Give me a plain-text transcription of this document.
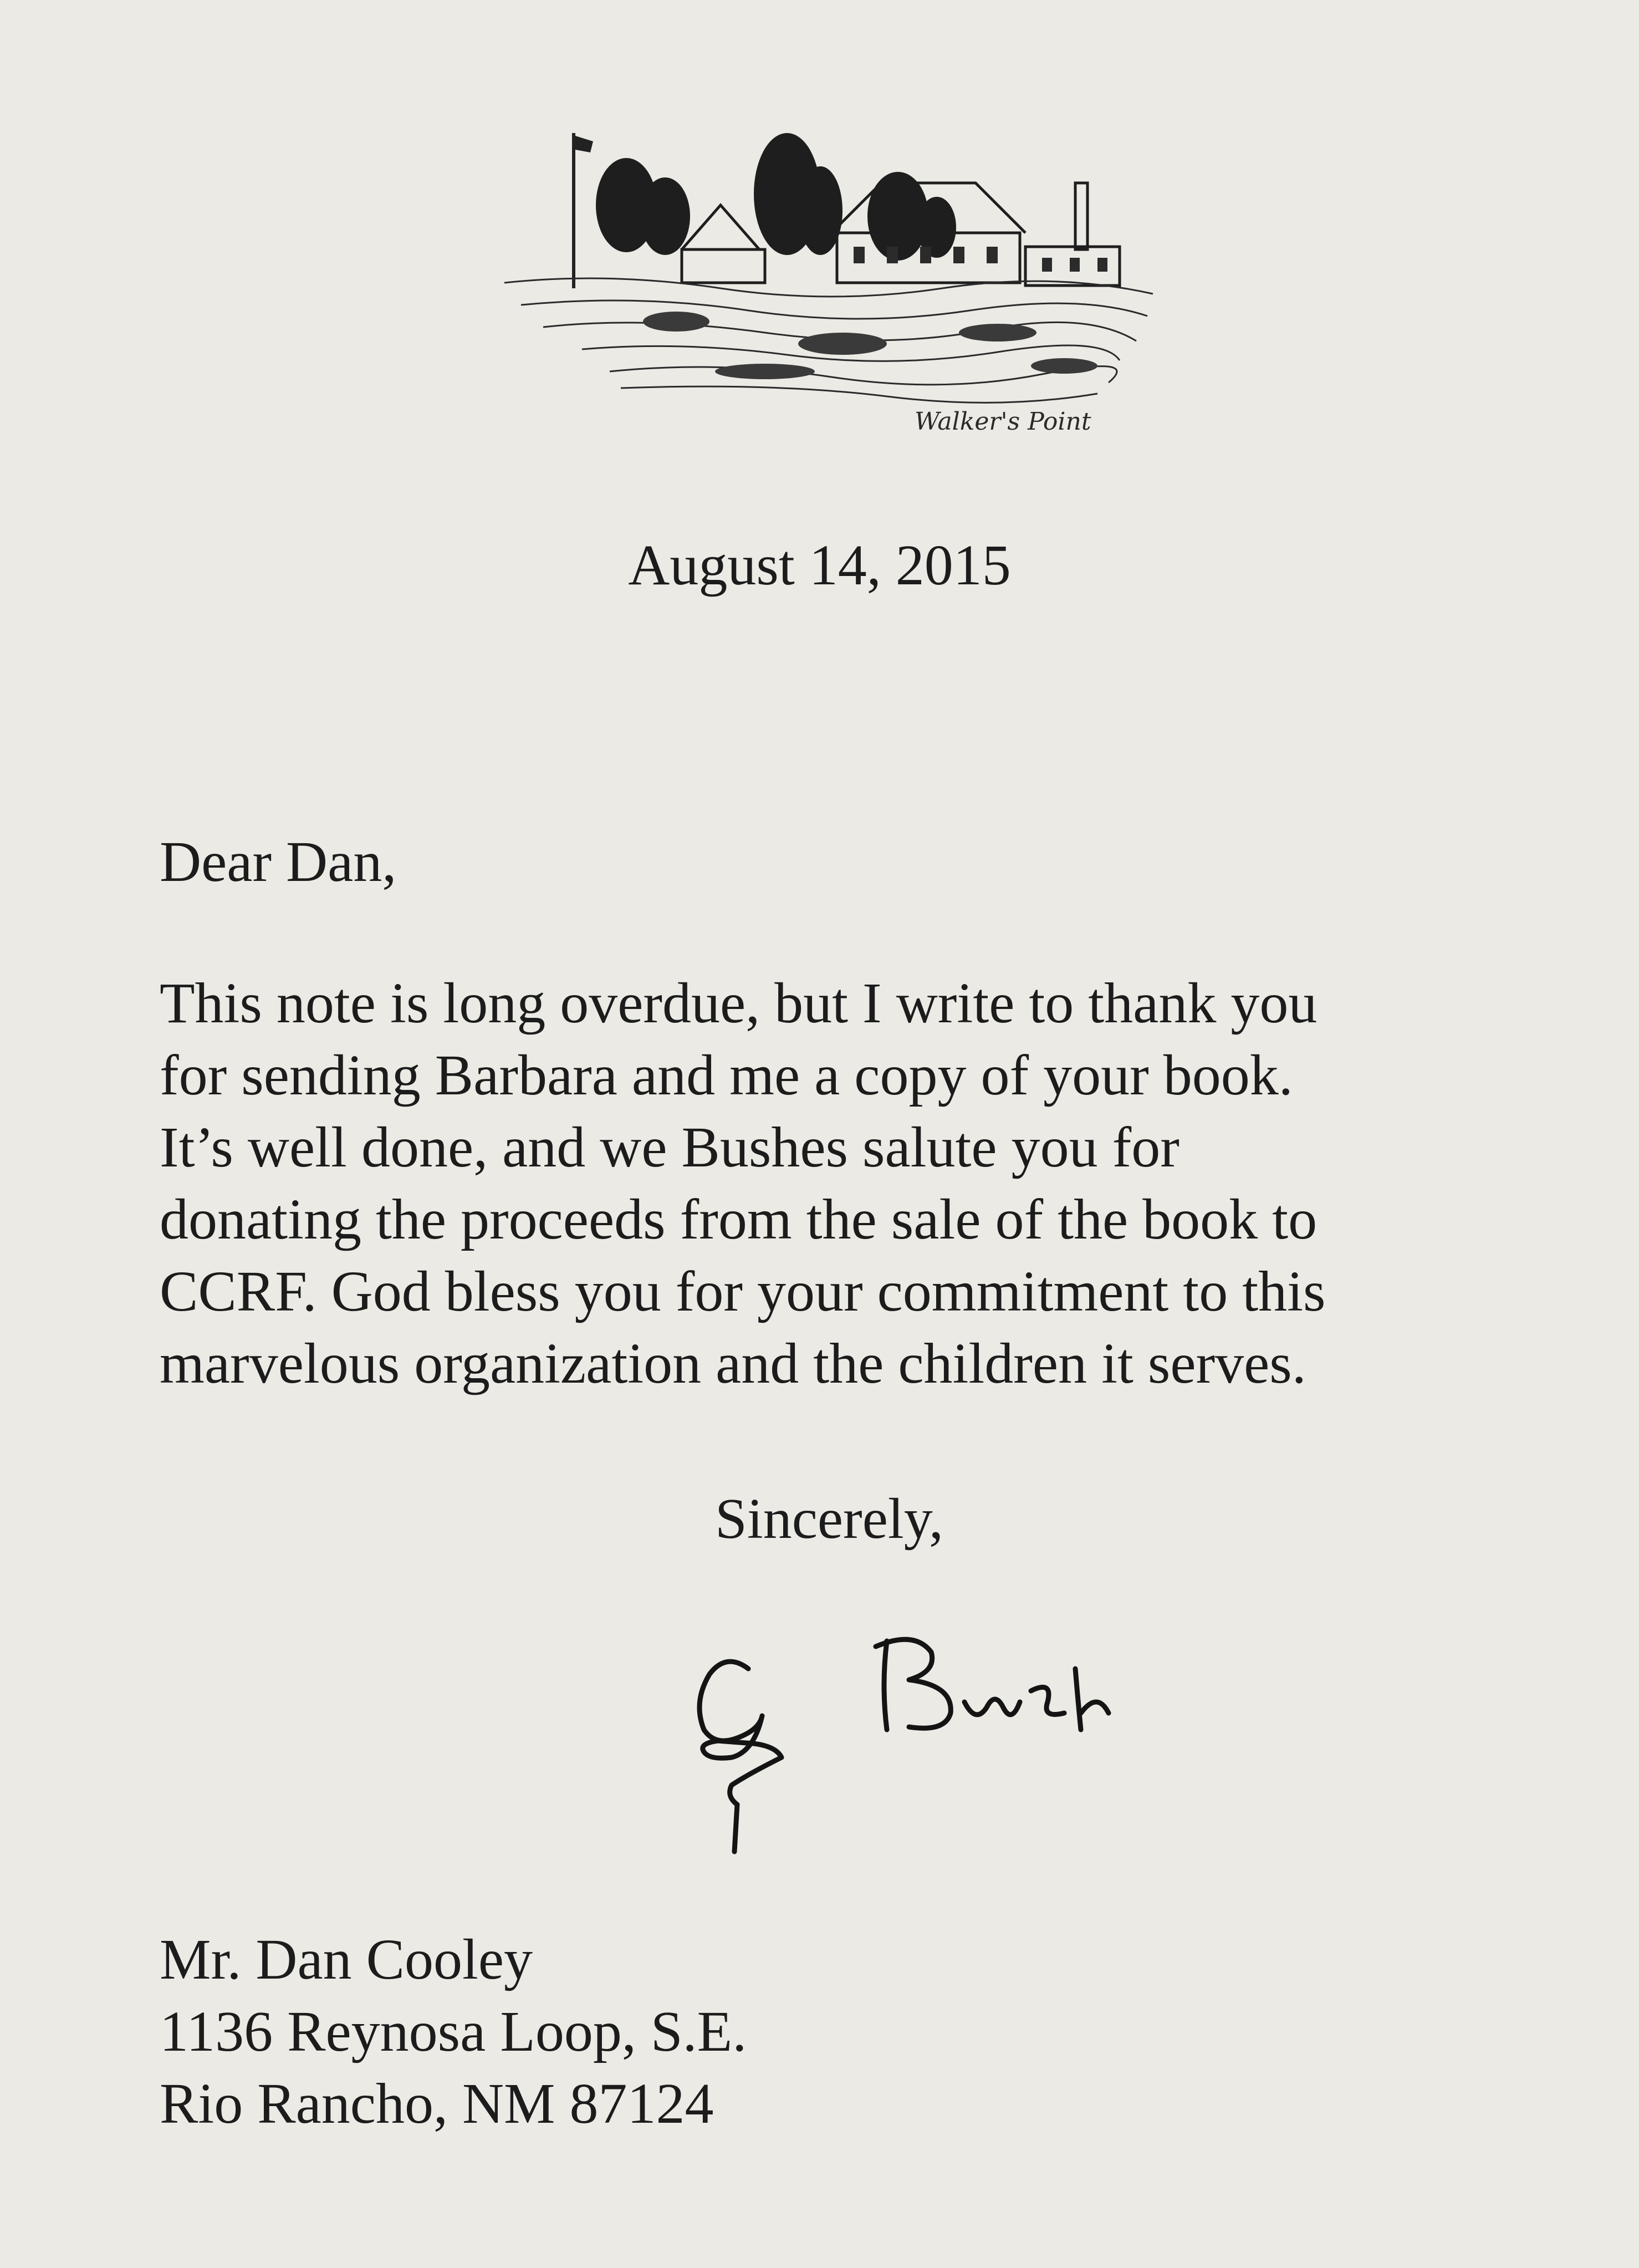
Walker's Point
August 14, 2015
Dear Dan,
This note is long overdue, but I write to thank you
for sending Barbara and me a copy of your book.
It’s well done, and we Bushes salute you for
donating the proceeds from the sale of the book to
CCRF. God bless you for your commitment to this
marvelous organization and the children it serves.
Sincerely,
Mr. Dan Cooley
1136 Reynosa Loop, S.E.
Rio Rancho, NM 87124
